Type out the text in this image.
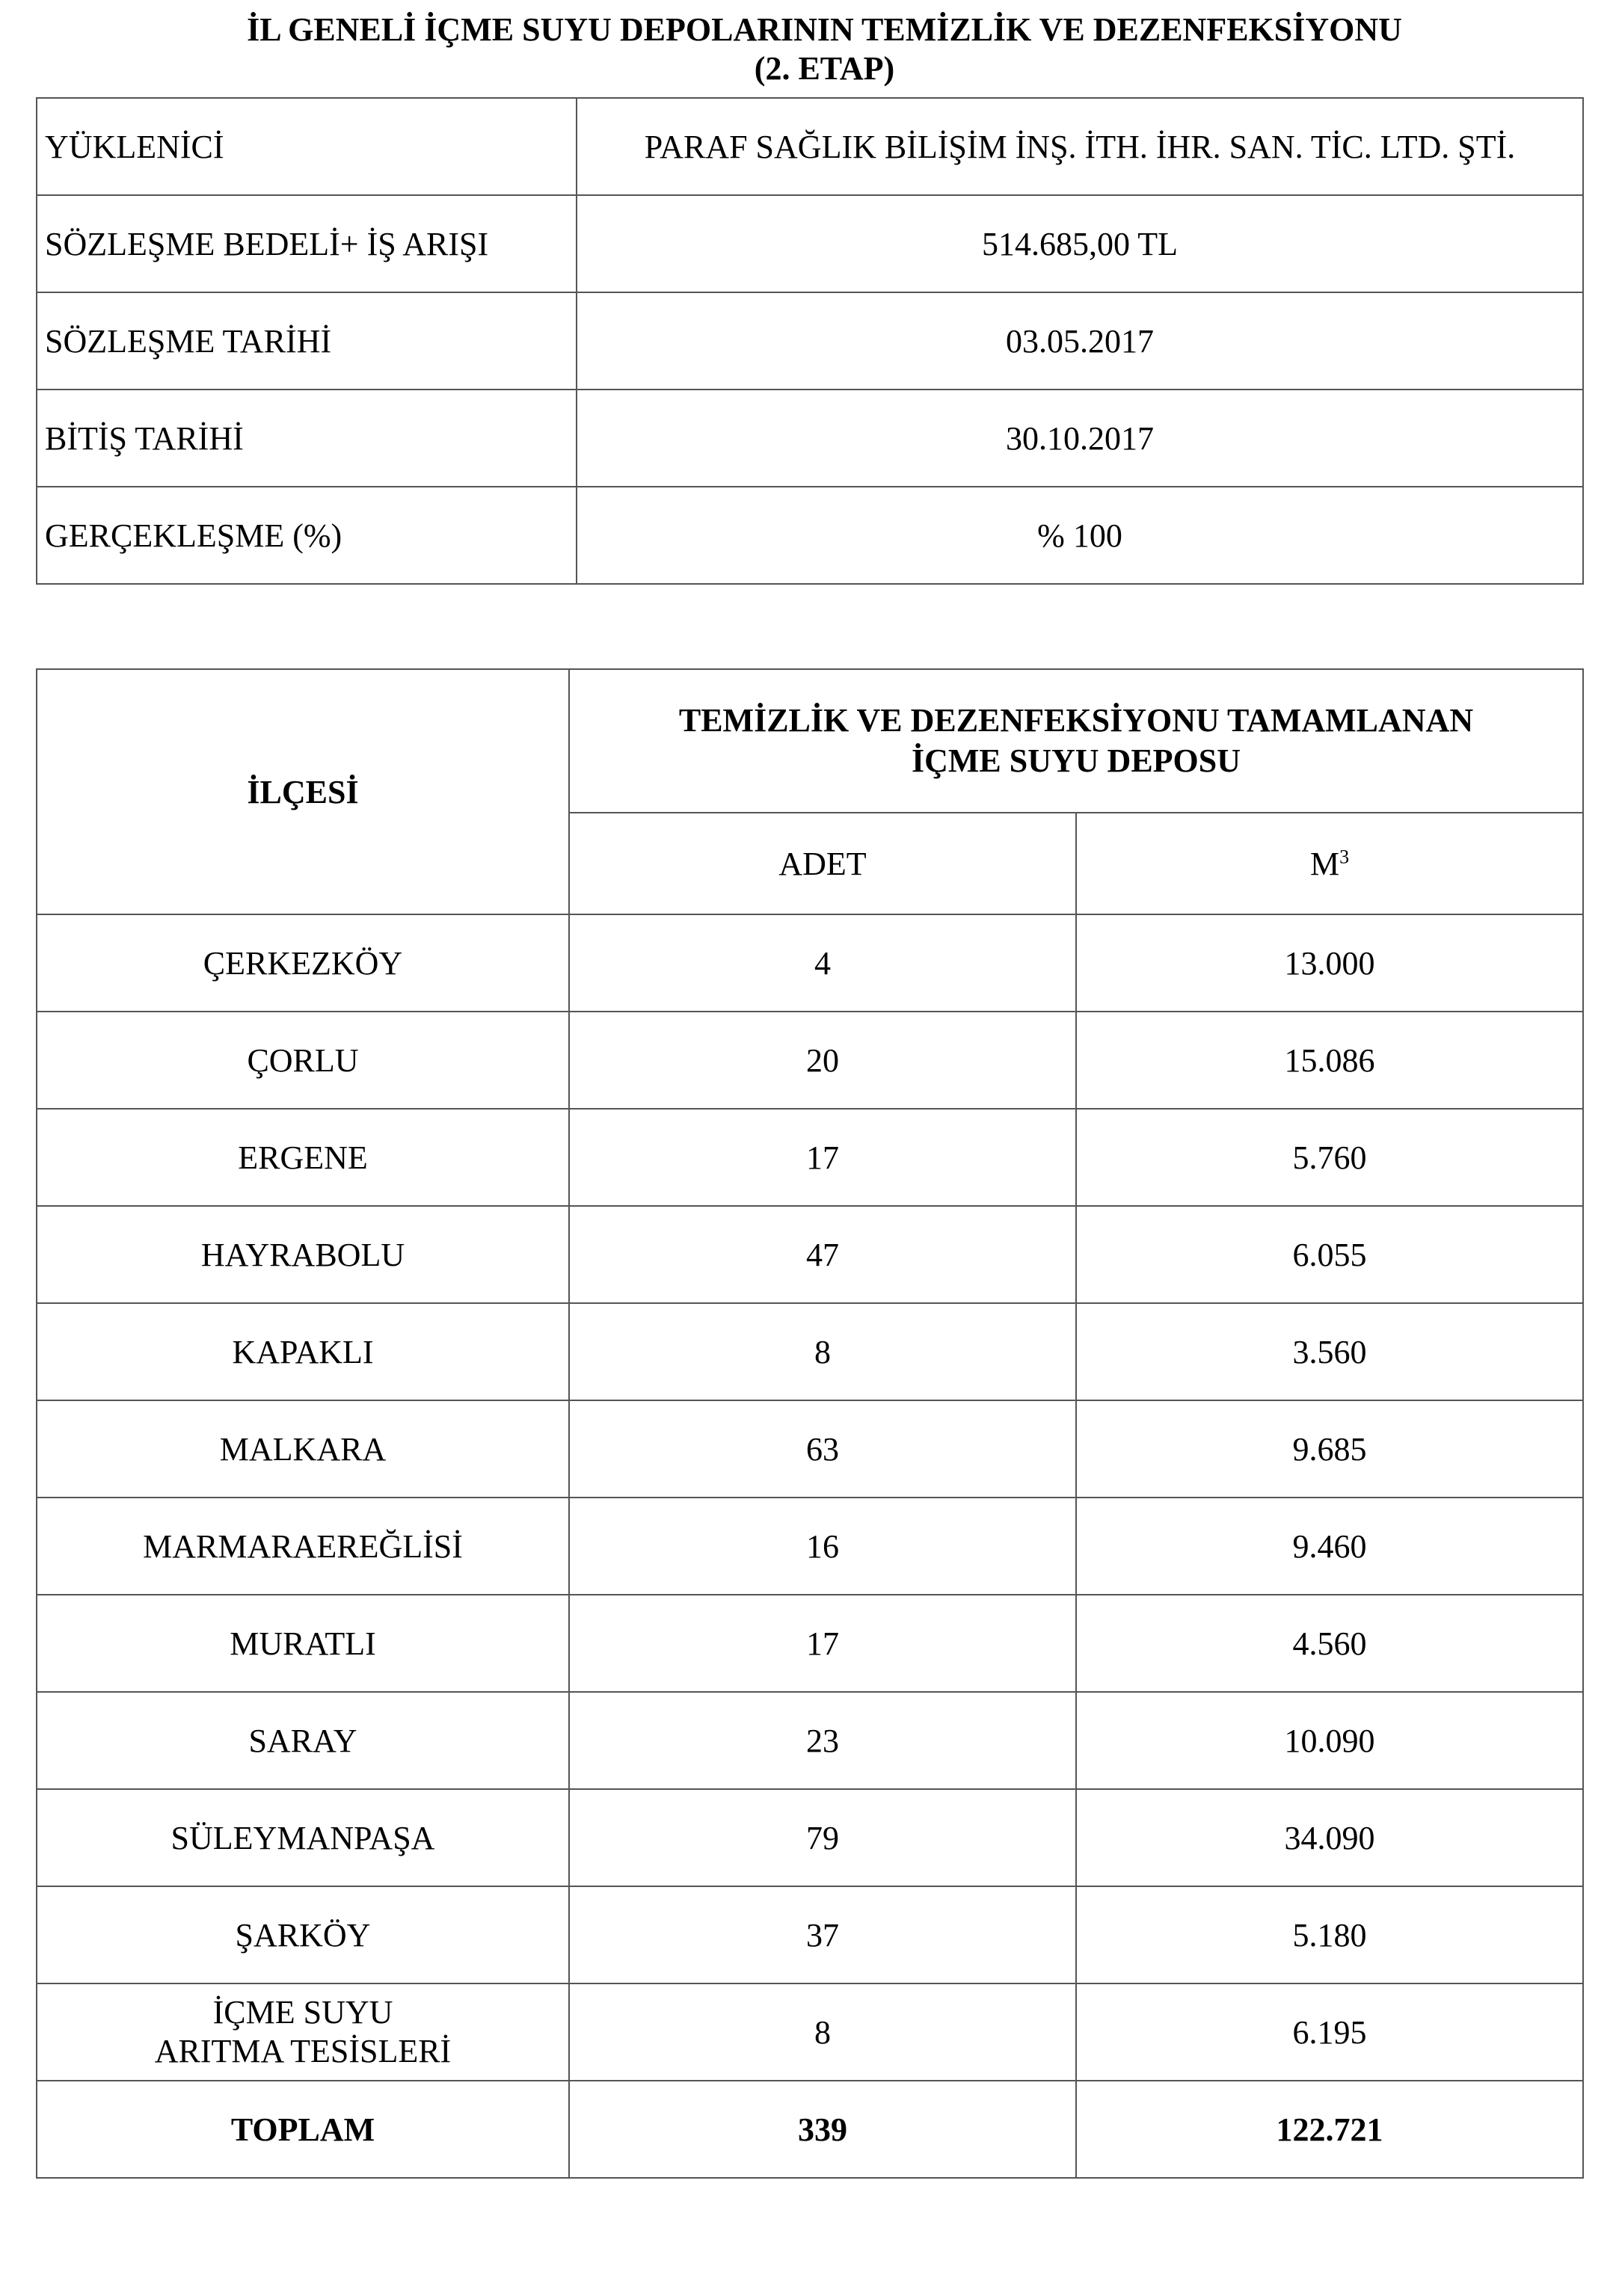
İL GENELİ İÇME SUYU DEPOLARININ TEMİZLİK VE DEZENFEKSİYONU
(2. ETAP)
YÜKLENİCİ	PARAF SAĞLIK BİLİŞİM İNŞ. İTH. İHR. SAN. TİC. LTD. ŞTİ.
SÖZLEŞME BEDELİ+ İŞ ARIŞI	514.685,00 TL
SÖZLEŞME TARİHİ	03.05.2017
BİTİŞ TARİHİ	30.10.2017
GERÇEKLEŞME (%)	% 100
İLÇESİ	TEMİZLİK VE DEZENFEKSİYONU TAMAMLANAN
İÇME SUYU DEPOSU	

	ADET	$M^3$
ÇERKEZKÖY	4	13.000
ÇORLU	20	15.086
ERGENE	17	5.760
HAYRABOLU	47	6.055
KAPAKLI	8	3.560
MALKARA	63	9.685
MARMARAEREĞLİSİ	16	9.460
MURATLI	17	4.560
SARAY	23	10.090
SÜLEYMANPAŞA	79	34.090
ŞARKÖY	37	5.180

İÇME SUYU
ARITMA TESİSLERİ	8	6.195
TOPLAM	339	122.721
